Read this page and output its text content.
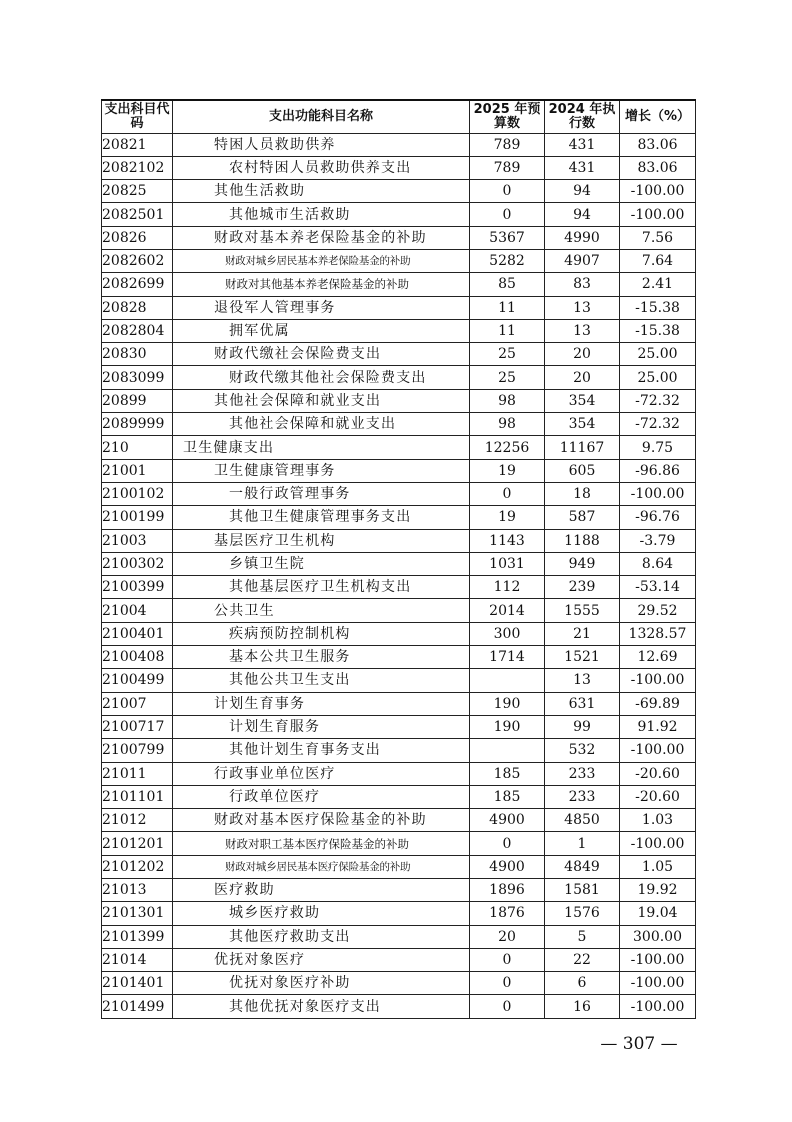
支出科目代码	支出功能科目名称	2025 年预算数	2024 年执行数	增长（%）
20821	特困人员救助供养	789	431	83.06
2082102	农村特困人员救助供养支出	789	431	83.06
20825	其他生活救助	0	94	-100.00
2082501	其他城市生活救助	0	94	-100.00
20826	财政对基本养老保险基金的补助	5367	4990	7.56
2082602	财政对城乡居民基本养老保险基金的补助	5282	4907	7.64
2082699	财政对其他基本养老保险基金的补助	85	83	2.41
20828	退役军人管理事务	11	13	-15.38
2082804	拥军优属	11	13	-15.38
20830	财政代缴社会保险费支出	25	20	25.00
2083099	财政代缴其他社会保险费支出	25	20	25.00
20899	其他社会保障和就业支出	98	354	-72.32
2089999	其他社会保障和就业支出	98	354	-72.32
210	卫生健康支出	12256	11167	9.75
21001	卫生健康管理事务	19	605	-96.86
2100102	一般行政管理事务	0	18	-100.00
2100199	其他卫生健康管理事务支出	19	587	-96.76
21003	基层医疗卫生机构	1143	1188	-3.79
2100302	乡镇卫生院	1031	949	8.64
2100399	其他基层医疗卫生机构支出	112	239	-53.14
21004	公共卫生	2014	1555	29.52
2100401	疾病预防控制机构	300	21	1328.57
2100408	基本公共卫生服务	1714	1521	12.69
2100499	其他公共卫生支出		13	-100.00
21007	计划生育事务	190	631	-69.89
2100717	计划生育服务	190	99	91.92
2100799	其他计划生育事务支出		532	-100.00
21011	行政事业单位医疗	185	233	-20.60
2101101	行政单位医疗	185	233	-20.60
21012	财政对基本医疗保险基金的补助	4900	4850	1.03
2101201	财政对职工基本医疗保险基金的补助	0	1	-100.00
2101202	财政对城乡居民基本医疗保险基金的补助	4900	4849	1.05
21013	医疗救助	1896	1581	19.92
2101301	城乡医疗救助	1876	1576	19.04
2101399	其他医疗救助支出	20	5	300.00
21014	优抚对象医疗	0	22	-100.00
2101401	优抚对象医疗补助	0	6	-100.00
2101499	其他优抚对象医疗支出	0	16	-100.00
— 307 —
